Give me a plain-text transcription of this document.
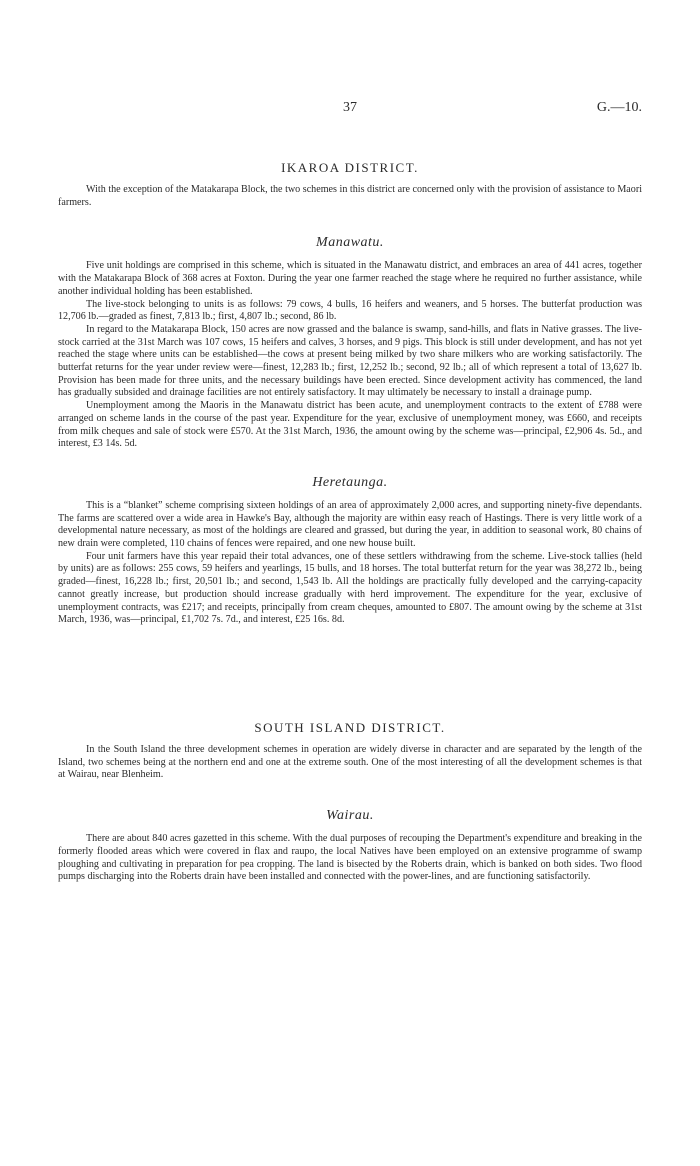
37	G.—10.
IKAROA DISTRICT.

With the exception of the Matakarapa Block, the two schemes in this district are concerned only with the provision of assistance to Maori farmers.

Manawatu.

Five unit holdings are comprised in this scheme, which is situated in the Manawatu district, and embraces an area of 441 acres, together with the Matakarapa Block of 368 acres at Foxton. During the year one farmer reached the stage where he required no further assistance, while another individual holding has been established.

The live-stock belonging to units is as follows: 79 cows, 4 bulls, 16 heifers and weaners, and 5 horses. The butterfat production was 12,706 lb.—graded as finest, 7,813 lb.; first, 4,807 lb.; second, 86 lb.

In regard to the Matakarapa Block, 150 acres are now grassed and the balance is swamp, sand-hills, and flats in Native grasses. The live-stock carried at the 31st March was 107 cows, 15 heifers and calves, 3 horses, and 9 pigs. This block is still under development, and has not yet reached the stage where units can be established—the cows at present being milked by two share milkers who are working satisfactorily. The butterfat returns for the year under review were—finest, 12,283 lb.; first, 12,252 lb.; second, 92 lb.; all of which represent a total of 13,627 lb. Provision has been made for three units, and the necessary buildings have been erected. Since development activity has commenced, the land has gradually subsided and drainage facilities are not entirely satisfactory. It may ultimately be necessary to install a drainage pump.

Unemployment among the Maoris in the Manawatu district has been acute, and unemployment contracts to the extent of £788 were arranged on scheme lands in the course of the past year. Expenditure for the year, exclusive of unemployment money, was £660, and receipts from milk cheques and sale of stock were £570. At the 31st March, 1936, the amount owing by the scheme was—principal, £2,906 4s. 5d., and interest, £3 14s. 5d.

Heretaunga.

This is a “blanket” scheme comprising sixteen holdings of an area of approximately 2,000 acres, and supporting ninety-five dependants. The farms are scattered over a wide area in Hawke's Bay, although the majority are within easy reach of Hastings. There is very little work of a developmental nature necessary, as most of the holdings are cleared and grassed, but during the year, in addition to seasonal work, 80 chains of new drain were completed, 110 chains of fences were repaired, and one new house built.

Four unit farmers have this year repaid their total advances, one of these settlers withdrawing from the scheme. Live-stock tallies (held by units) are as follows: 255 cows, 59 heifers and yearlings, 15 bulls, and 18 horses. The total butterfat return for the year was 38,272 lb., being graded—finest, 16,228 lb.; first, 20,501 lb.; and second, 1,543 lb. All the holdings are practically fully developed and the carrying-capacity cannot greatly increase, but production should increase gradually with herd improvement. The expenditure for the year, exclusive of unemployment contracts, was £217; and receipts, principally from cream cheques, amounted to £807. The amount owing by the scheme at 31st March, 1936, was—principal, £1,702 7s. 7d., and interest, £25 16s. 8d.

SOUTH ISLAND DISTRICT.

In the South Island the three development schemes in operation are widely diverse in character and are separated by the length of the Island, two schemes being at the northern end and one at the extreme south. One of the most interesting of all the development schemes is that at Wairau, near Blenheim.

Wairau.

There are about 840 acres gazetted in this scheme. With the dual purposes of recouping the Department's expenditure and breaking in the formerly flooded areas which were covered in flax and raupo, the local Natives have been employed on an extensive programme of swamp ploughing and cultivating in preparation for pea cropping. The land is bisected by the Roberts drain, which is banked on both sides. Two flood pumps discharging into the Roberts drain have been installed and connected with the power-lines, and are functioning satisfactorily.
